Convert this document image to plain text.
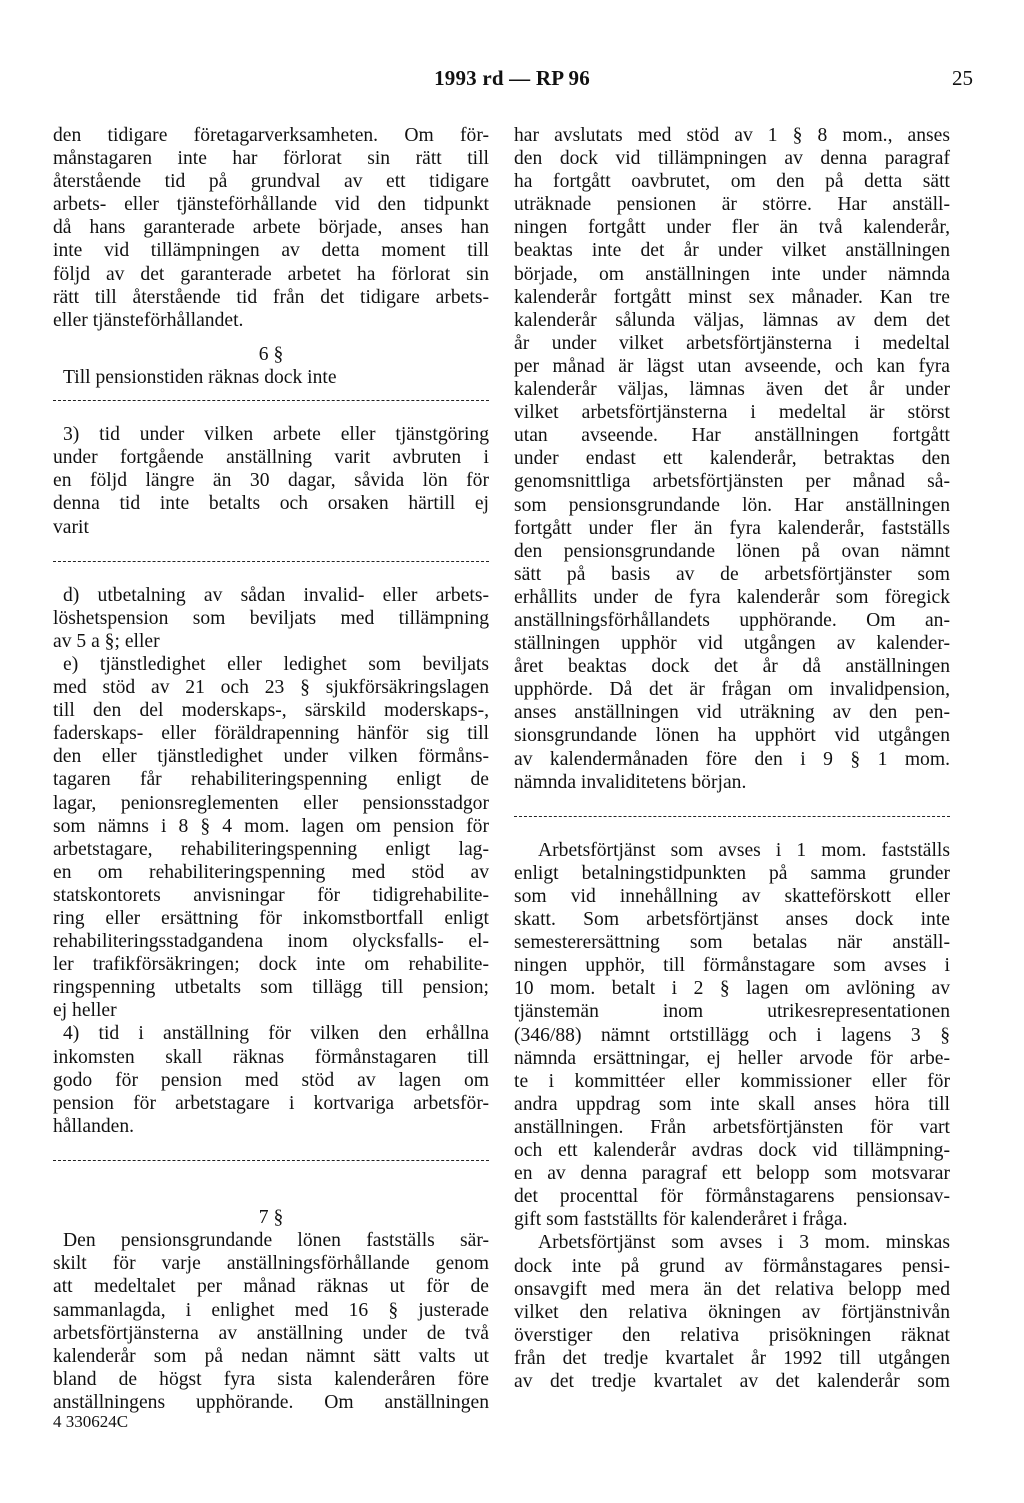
1993 rd — RP 96	25
den tidigare företagarverksamheten. Om för-
månstagaren inte har förlorat sin rätt till
återstående tid på grundval av ett tidigare
arbets- eller tjänsteförhållande vid den tidpunkt
då hans garanterade arbete började, anses han
inte vid tillämpningen av detta moment till
följd av det garanterade arbetet ha förlorat sin
rätt till återstående tid från det tidigare arbets-
eller tjänsteförhållandet.
6 §
Till pensionstiden räknas dock inte
3) tid under vilken arbete eller tjänstgöring
under fortgående anställning varit avbruten i
en följd längre än 30 dagar, såvida lön för
denna tid inte betalts och orsaken härtill ej
varit
d) utbetalning av sådan invalid- eller arbets-
löshetspension som beviljats med tillämpning
av 5 a §; eller
e) tjänstledighet eller ledighet som beviljats
med stöd av 21 och 23 § sjukförsäkringslagen
till den del moderskaps-, särskild moderskaps-,
faderskaps- eller föräldrapenning hänför sig till
den eller tjänstledighet under vilken förmåns-
tagaren får rehabiliteringspenning enligt de
lagar, penionsreglementen eller pensionsstadgor
som nämns i 8 § 4 mom. lagen om pension för
arbetstagare, rehabiliteringspenning enligt lag-
en om rehabiliteringspenning med stöd av
statskontorets anvisningar för tidigrehabilite-
ring eller ersättning för inkomstbortfall enligt
rehabiliteringsstadgandena inom olycksfalls- el-
ler trafikförsäkringen; dock inte om rehabilite-
ringspenning utbetalts som tillägg till pension;
ej heller
4) tid i anställning för vilken den erhållna
inkomsten skall räknas förmånstagaren till
godo för pension med stöd av lagen om
pension för arbetstagare i kortvariga arbetsför-
hållanden.
7 §
Den pensionsgrundande lönen fastställs sär-
skilt för varje anställningsförhållande genom
att medeltalet per månad räknas ut för de
sammanlagda, i enlighet med 16 § justerade
arbetsförtjänsterna av anställning under de två
kalenderår som på nedan nämnt sätt valts ut
bland de högst fyra sista kalenderåren före
anställningens upphörande. Om anställningen
har avslutats med stöd av 1 § 8 mom., anses
den dock vid tillämpningen av denna paragraf
ha fortgått oavbrutet, om den på detta sätt
uträknade pensionen är större. Har anställ-
ningen fortgått under fler än två kalenderår,
beaktas inte det år under vilket anställningen
började, om anställningen inte under nämnda
kalenderår fortgått minst sex månader. Kan tre
kalenderår sålunda väljas, lämnas av dem det
år under vilket arbetsförtjänsterna i medeltal
per månad är lägst utan avseende, och kan fyra
kalenderår väljas, lämnas även det år under
vilket arbetsförtjänsterna i medeltal är störst
utan avseende. Har anställningen fortgått
under endast ett kalenderår, betraktas den
genomsnittliga arbetsförtjänsten per månad så-
som pensionsgrundande lön. Har anställningen
fortgått under fler än fyra kalenderår, fastställs
den pensionsgrundande lönen på ovan nämnt
sätt på basis av de arbetsförtjänster som
erhållits under de fyra kalenderår som föregick
anställningsförhållandets upphörande. Om an-
ställningen upphör vid utgången av kalender-
året beaktas dock det år då anställningen
upphörde. Då det är frågan om invalidpension,
anses anställningen vid uträkning av den pen-
sionsgrundande lönen ha upphört vid utgången
av kalendermånaden före den i 9 § 1 mom.
nämnda invaliditetens början.
Arbetsförtjänst som avses i 1 mom. fastställs
enligt betalningstidpunkten på samma grunder
som vid innehållning av skatteförskott eller
skatt. Som arbetsförtjänst anses dock inte
semesterersättning som betalas när anställ-
ningen upphör, till förmånstagare som avses i
10 mom. betalt i 2 § lagen om avlöning av
tjänstemän inom utrikesrepresentationen
(346/88) nämnt ortstillägg och i lagens 3 §
nämnda ersättningar, ej heller arvode för arbe-
te i kommittéer eller kommissioner eller för
andra uppdrag som inte skall anses höra till
anställningen. Från arbetsförtjänsten för vart
och ett kalenderår avdras dock vid tillämpning-
en av denna paragraf ett belopp som motsvarar
det procenttal för förmånstagarens pensionsav-
gift som fastställts för kalenderåret i fråga.
Arbetsförtjänst som avses i 3 mom. minskas
dock inte på grund av förmånstagares pensi-
onsavgift med mera än det relativa belopp med
vilket den relativa ökningen av förtjänstnivån
överstiger den relativa prisökningen räknat
från det tredje kvartalet år 1992 till utgången
av det tredje kvartalet av det kalenderår som
4 330624C
